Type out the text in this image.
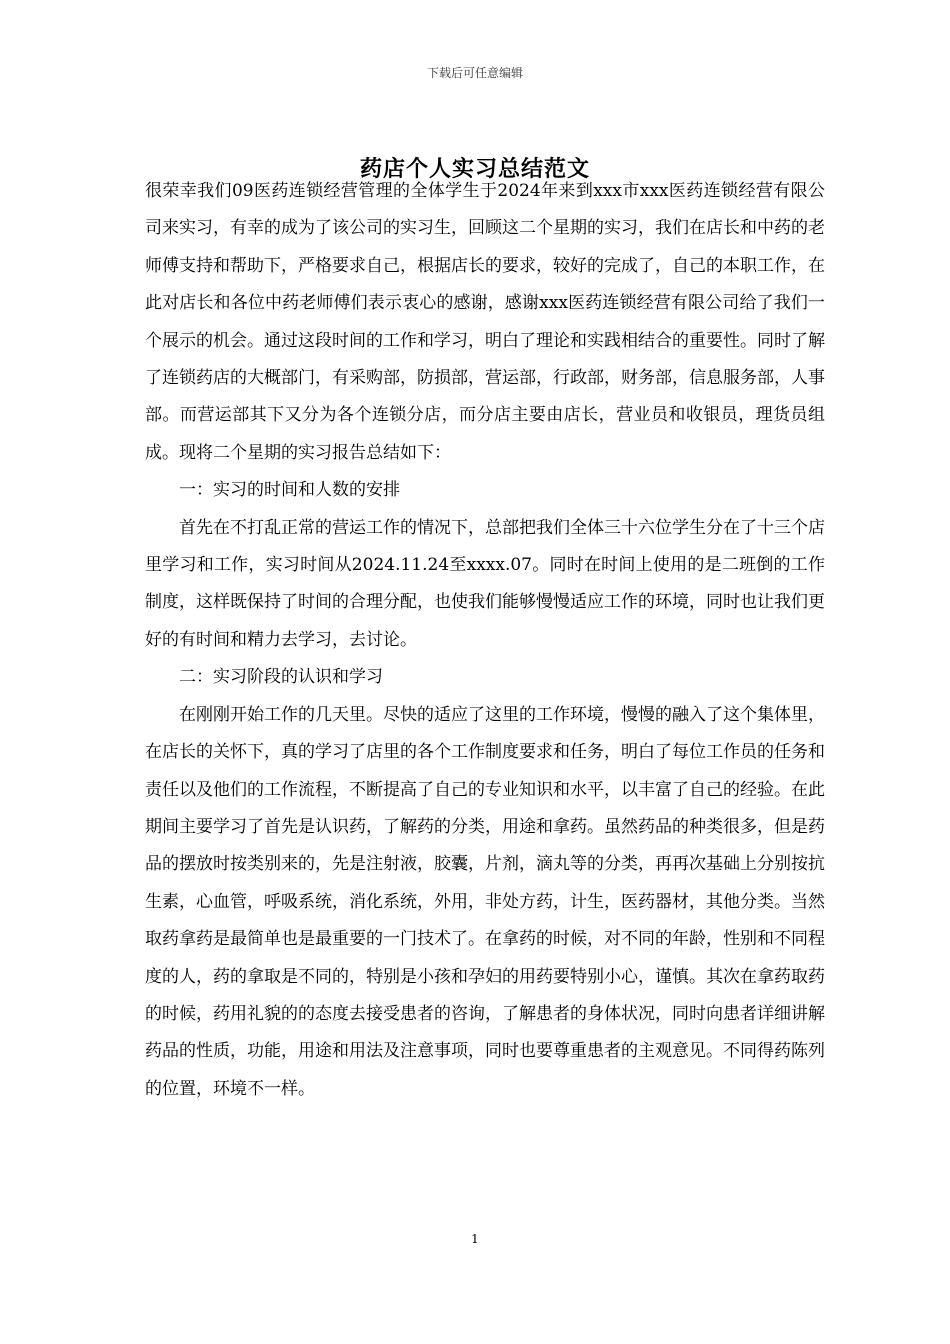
下载后可任意编辑
药店个人实习总结范文

很荣幸我们09医药连锁经营管理的全体学生于2024年来到xxx市xxx医药连锁经营有限公司来实习，有幸的成为了该公司的实习生，回顾这二个星期的实习，我们在店长和中药的老师傅支持和帮助下，严格要求自己，根据店长的要求，较好的完成了，自己的本职工作，在此对店长和各位中药老师傅们表示衷心的感谢，感谢xxx医药连锁经营有限公司给了我们一个展示的机会。通过这段时间的工作和学习，明白了理论和实践相结合的重要性。同时了解了连锁药店的大概部门，有采购部，防损部，营运部，行政部，财务部，信息服务部，人事部。而营运部其下又分为各个连锁分店，而分店主要由店长，营业员和收银员，理货员组成。现将二个星期的实习报告总结如下：

一：实习的时间和人数的安排

首先在不打乱正常的营运工作的情况下，总部把我们全体三十六位学生分在了十三个店里学习和工作，实习时间从2024.11.24至xxxx.07。同时在时间上使用的是二班倒的工作制度，这样既保持了时间的合理分配，也使我们能够慢慢适应工作的环境，同时也让我们更好的有时间和精力去学习，去讨论。

二：实习阶段的认识和学习

在刚刚开始工作的几天里。尽快的适应了这里的工作环境，慢慢的融入了这个集体里，在店长的关怀下，真的学习了店里的各个工作制度要求和任务，明白了每位工作员的任务和责任以及他们的工作流程，不断提高了自己的专业知识和水平，以丰富了自己的经验。在此期间主要学习了首先是认识药，了解药的分类，用途和拿药。虽然药品的种类很多，但是药品的摆放时按类别来的，先是注射液，胶囊，片剂，滴丸等的分类，再再次基础上分别按抗生素，心血管，呼吸系统，消化系统，外用，非处方药，计生，医药器材，其他分类。当然取药拿药是最简单也是最重要的一门技术了。在拿药的时候，对不同的年龄，性别和不同程度的人，药的拿取是不同的，特别是小孩和孕妇的用药要特别小心，谨慎。其次在拿药取药的时候，药用礼貌的的态度去接受患者的咨询，了解患者的身体状况，同时向患者详细讲解药品的性质，功能，用途和用法及注意事项，同时也要尊重患者的主观意见。不同得药陈列的位置，环境不一样。

1
